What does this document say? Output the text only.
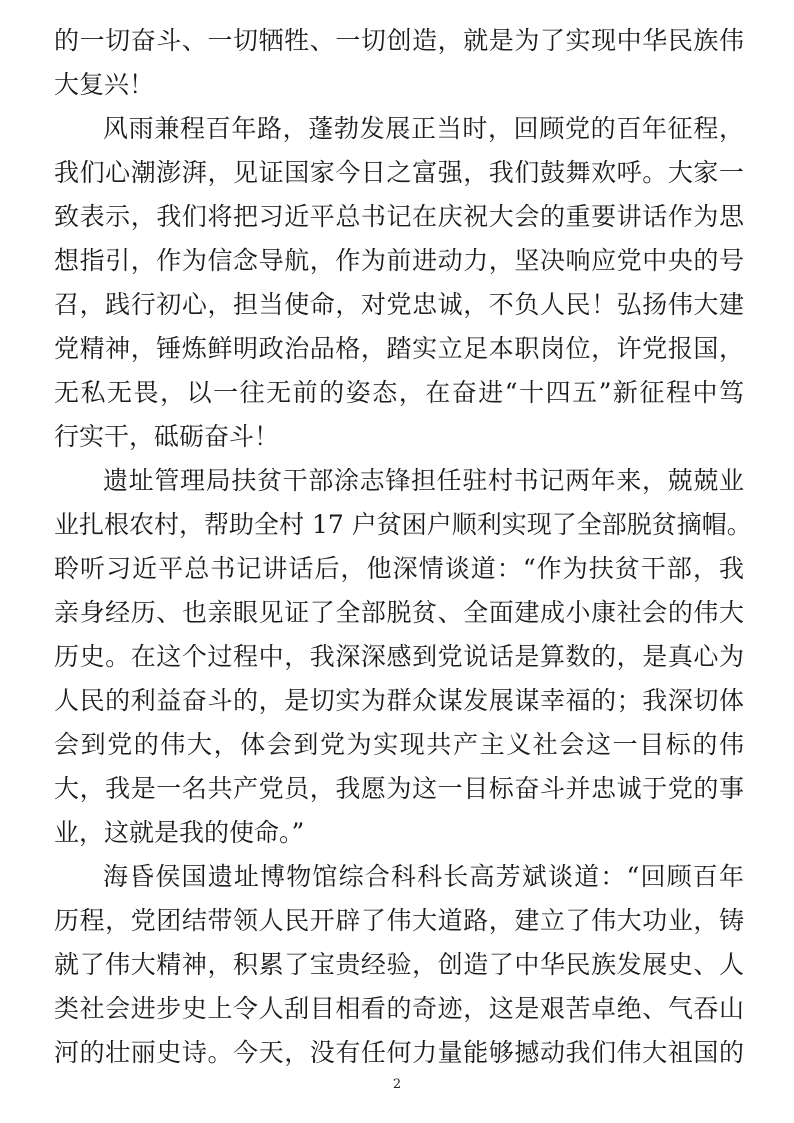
的一切奋斗、一切牺牲、一切创造，就是为了实现中华民族伟
大复兴！
风雨兼程百年路，蓬勃发展正当时，回顾党的百年征程，
我们心潮澎湃，见证国家今日之富强，我们鼓舞欢呼。大家一
致表示，我们将把习近平总书记在庆祝大会的重要讲话作为思
想指引，作为信念导航，作为前进动力，坚决响应党中央的号
召，践行初心，担当使命，对党忠诚，不负人民！弘扬伟大建
党精神，锤炼鲜明政治品格，踏实立足本职岗位，许党报国，
无私无畏，以一往无前的姿态，在奋进“十四五”新征程中笃
行实干，砥砺奋斗！
遗址管理局扶贫干部涂志锋担任驻村书记两年来，兢兢业
业扎根农村，帮助全村 17 户贫困户顺利实现了全部脱贫摘帽。
聆听习近平总书记讲话后，他深情谈道：“作为扶贫干部，我
亲身经历、也亲眼见证了全部脱贫、全面建成小康社会的伟大
历史。在这个过程中，我深深感到党说话是算数的，是真心为
人民的利益奋斗的，是切实为群众谋发展谋幸福的；我深切体
会到党的伟大，体会到党为实现共产主义社会这一目标的伟
大，我是一名共产党员，我愿为这一目标奋斗并忠诚于党的事
业，这就是我的使命。”
海昏侯国遗址博物馆综合科科长高芳斌谈道：“回顾百年
历程，党团结带领人民开辟了伟大道路，建立了伟大功业，铸
就了伟大精神，积累了宝贵经验，创造了中华民族发展史、人
类社会进步史上令人刮目相看的奇迹，这是艰苦卓绝、气吞山
河的壮丽史诗。今天，没有任何力量能够撼动我们伟大祖国的
2
